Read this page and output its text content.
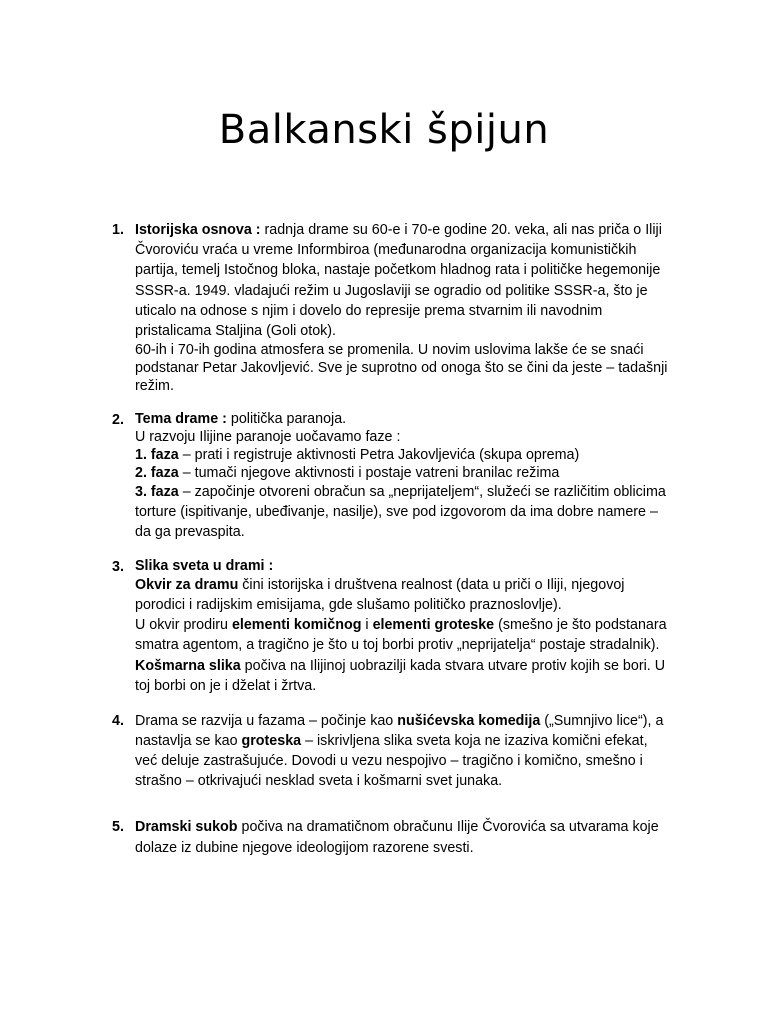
Balkanski špijun
1. Istorijska osnova : radnja drame su 60-e i 70-e godine 20. veka, ali nas priča o Iliji Čvoroviću vraća u vreme Informbiroa (međunarodna organizacija komunističkih partija, temelj Istočnog bloka, nastaje početkom hladnog rata i političke hegemonije SSSR-a. 1949. vladajući režim u Jugoslaviji se ogradio od politike SSSR-a, što je uticalo na odnose s njim i dovelo do represije prema stvarnim ili navodnim pristalicama Staljina (Goli otok).

60-ih i 70-ih godina atmosfera se promenila. U novim uslovima lakše će se snaći podstanar Petar Jakovljević. Sve je suprotno od onoga što se čini da jeste – tadašnji režim.

2. Tema drame : politička paranoja.

U razvoju Ilijine paranoje uočavamo faze :

1. faza – prati i registruje aktivnosti Petra Jakovljevića (skupa oprema)

2. faza – tumači njegove aktivnosti i postaje vatreni branilac režima

3. faza – započinje otvoreni obračun sa „neprijateljem“, služeći se različitim oblicima torture (ispitivanje, ubeđivanje, nasilje), sve pod izgovorom da ima dobre namere – da ga prevaspita.

3. Slika sveta u drami :

Okvir za dramu čini istorijska i društvena realnost (data u priči o Iliji, njegovoj porodici i radijskim emisijama, gde slušamo političko praznoslovlje).

U okvir prodiru elementi komičnog i elementi groteske (smešno je što podstanara smatra agentom, a tragično je što u toj borbi protiv „neprijatelja“ postaje stradalnik).

Košmarna slika počiva na Ilijinoj uobrazilji kada stvara utvare protiv kojih se bori. U toj borbi on je i dželat i žrtva.

4. Drama se razvija u fazama – počinje kao nušićevska komedija („Sumnjivo lice“), a nastavlja se kao groteska – iskrivljena slika sveta koja ne izaziva komični efekat, već deluje zastrašujuće. Dovodi u vezu nespojivo – tragično i komično, smešno i strašno – otkrivajući nesklad sveta i košmarni svet junaka.

5. Dramski sukob počiva na dramatičnom obračunu Ilije Čvorovića sa utvarama koje dolaze iz dubine njegove ideologijom razorene svesti.
